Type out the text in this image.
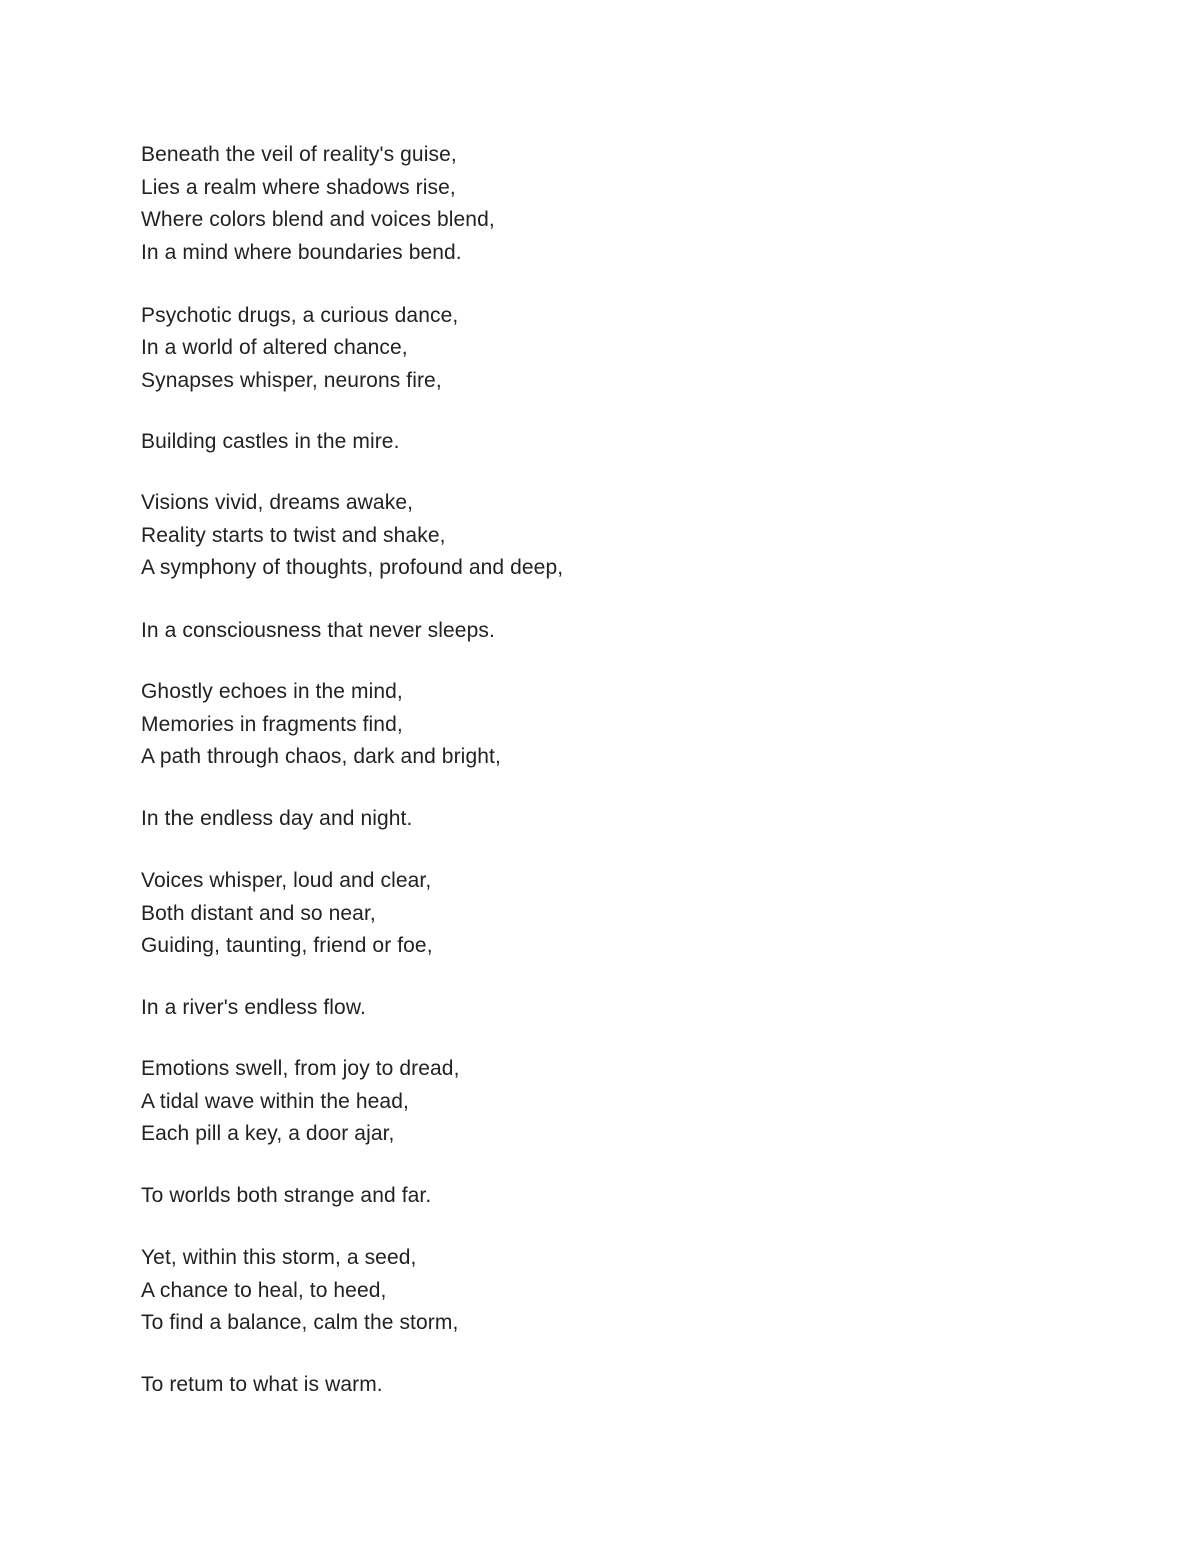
Beneath the veil of reality's guise,

Lies a realm where shadows rise,

Where colors blend and voices blend,

In a mind where boundaries bend.

Psychotic drugs, a curious dance,

In a world of altered chance,

Synapses whisper, neurons fire,

Building castles in the mire.

Visions vivid, dreams awake,

Reality starts to twist and shake,

A symphony of thoughts, profound and deep,

In a consciousness that never sleeps.

Ghostly echoes in the mind,

Memories in fragments find,

A path through chaos, dark and bright,

In the endless day and night.

Voices whisper, loud and clear,

Both distant and so near,

Guiding, taunting, friend or foe,

In a river's endless flow.

Emotions swell, from joy to dread,

A tidal wave within the head,

Each pill a key, a door ajar,

To worlds both strange and far.

Yet, within this storm, a seed,

A chance to heal, to heed,

To find a balance, calm the storm,

To retum to what is warm.
